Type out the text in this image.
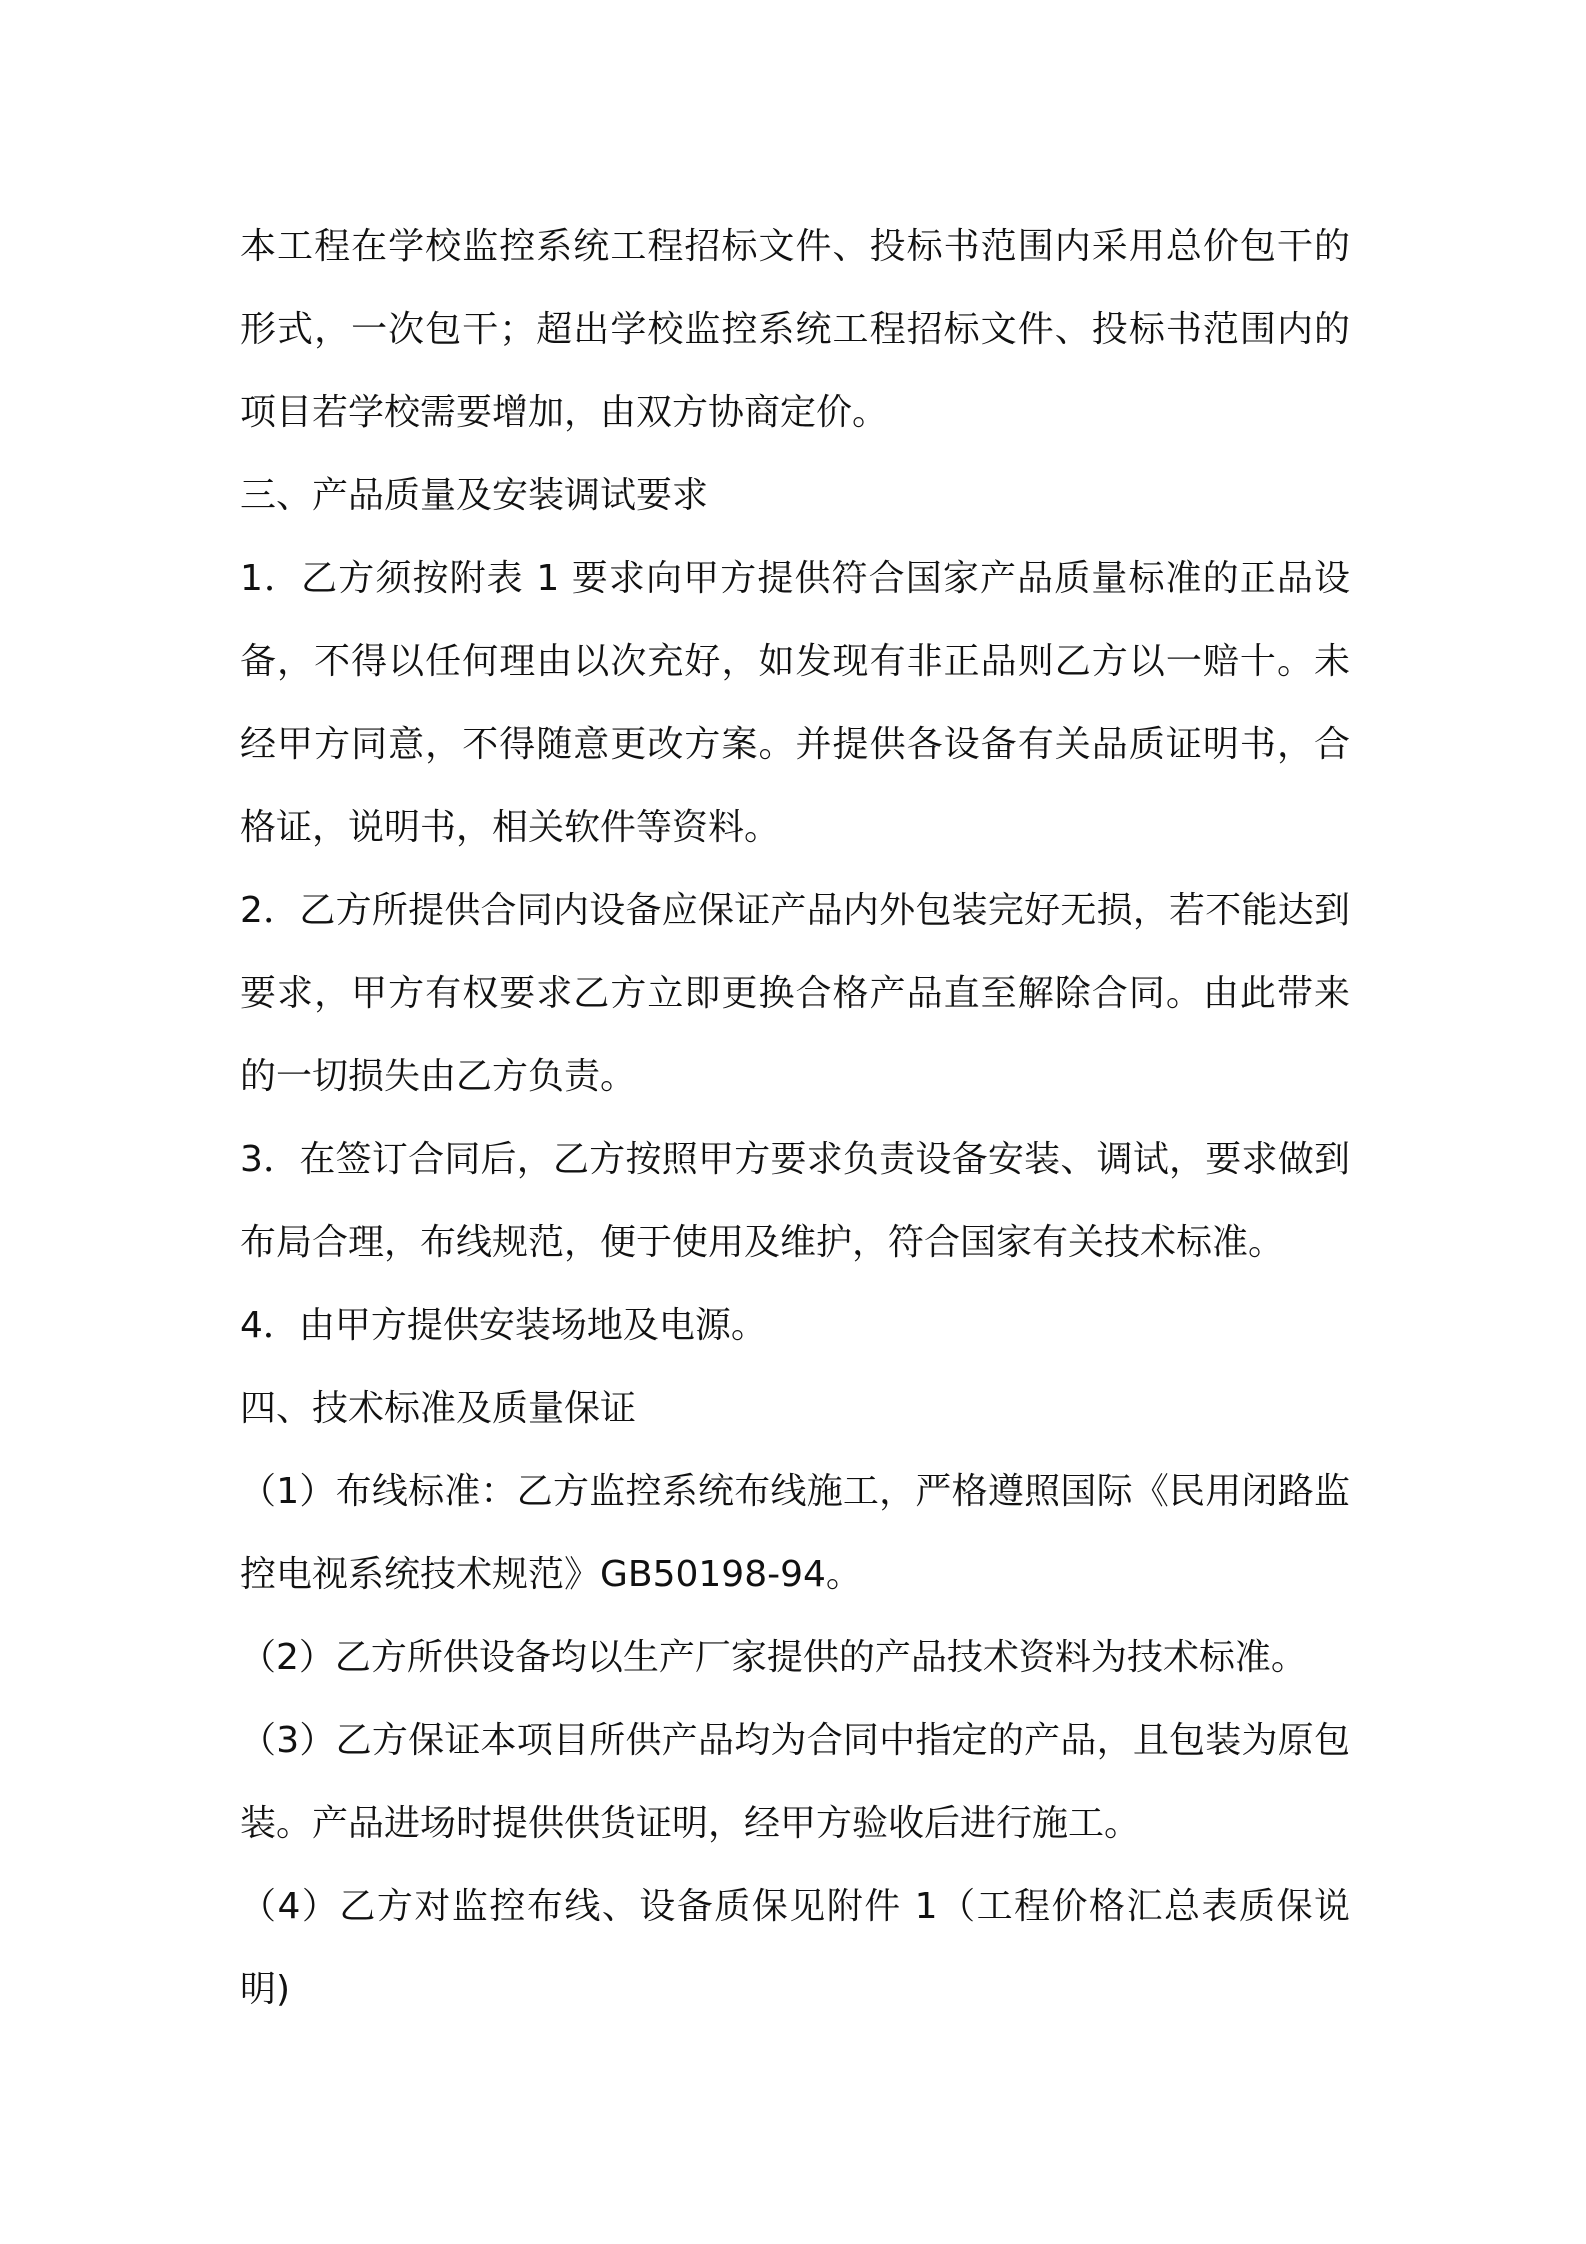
本工程在学校监控系统工程招标文件、投标书范围内采用总价包干的形式，一次包干；超出学校监控系统工程招标文件、投标书范围内的项目若学校需要增加，由双方协商定价。

三、产品质量及安装调试要求

1．乙方须按附表 1 要求向甲方提供符合国家产品质量标准的正品设备，不得以任何理由以次充好，如发现有非正品则乙方以一赔十。未经甲方同意，不得随意更改方案。并提供各设备有关品质证明书，合格证，说明书，相关软件等资料。

2．乙方所提供合同内设备应保证产品内外包装完好无损，若不能达到要求，甲方有权要求乙方立即更换合格产品直至解除合同。由此带来的一切损失由乙方负责。

3．在签订合同后，乙方按照甲方要求负责设备安装、调试，要求做到布局合理，布线规范，便于使用及维护，符合国家有关技术标准。

4．由甲方提供安装场地及电源。

四、技术标准及质量保证

（1）布线标准：乙方监控系统布线施工，严格遵照国际《民用闭路监控电视系统技术规范》GB50198-94。

（2）乙方所供设备均以生产厂家提供的产品技术资料为技术标准。

（3）乙方保证本项目所供产品均为合同中指定的产品，且包装为原包装。产品进场时提供供货证明，经甲方验收后进行施工。

（4）乙方对监控布线、设备质保见附件 1（工程价格汇总表质保说明)
